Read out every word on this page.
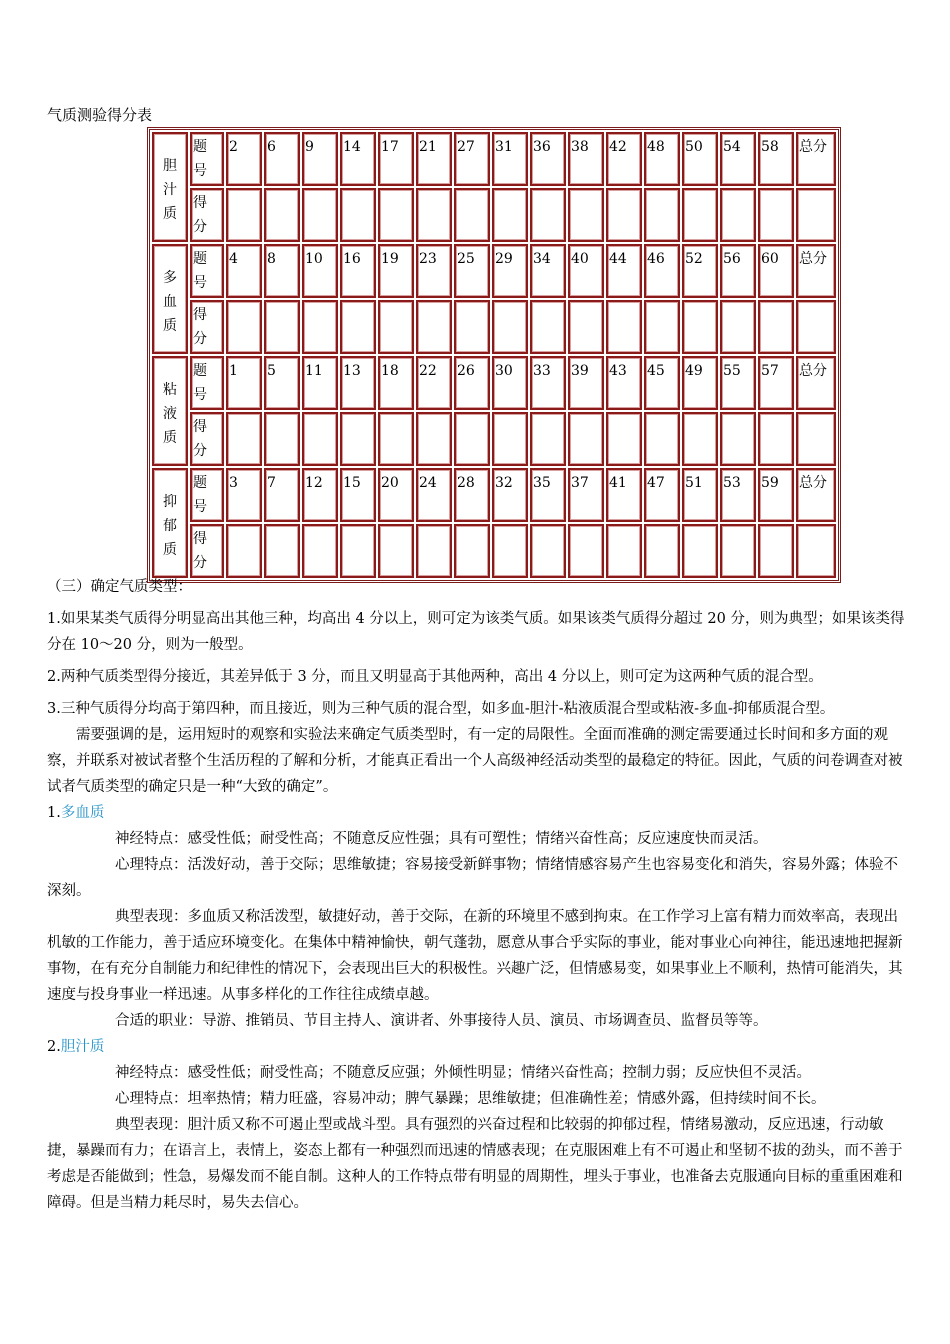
气质测验得分表
胆汁质	题号	2	6	9	14	17	21	27	31	36	38	42	48	50	54	58	总分
	得分																
多血质	题号	4	8	10	16	19	23	25	29	34	40	44	46	52	56	60	总分
	得分																
粘液质	题号	1	5	11	13	18	22	26	30	33	39	43	45	49	55	57	总分
	得分																
抑郁质	题号	3	7	12	15	20	24	28	32	35	37	41	47	51	53	59	总分
	得分																

（三）确定气质类型：

1.如果某类气质得分明显高出其他三种，均高出 4 分以上，则可定为该类气质。如果该类气质得分超过 20 分，则为典型；如果该类得分在 10～20 分，则为一般型。

2.两种气质类型得分接近，其差异低于 3 分，而且又明显高于其他两种，高出 4 分以上，则可定为这两种气质的混合型。

3.三种气质得分均高于第四种，而且接近，则为三种气质的混合型，如多血-胆汁-粘液质混合型或粘液-多血-抑郁质混合型。

需要强调的是，运用短时的观察和实验法来确定气质类型时，有一定的局限性。全面而准确的测定需要通过长时间和多方面的观察，并联系对被试者整个生活历程的了解和分析，才能真正看出一个人高级神经活动类型的最稳定的特征。因此，气质的问卷调查对被试者气质类型的确定只是一种“大致的确定”。

1.多血质

神经特点：感受性低；耐受性高；不随意反应性强；具有可塑性；情绪兴奋性高；反应速度快而灵活。

心理特点：活泼好动，善于交际；思维敏捷；容易接受新鲜事物；情绪情感容易产生也容易变化和消失，容易外露；体验不深刻。

典型表现：多血质又称活泼型，敏捷好动，善于交际，在新的环境里不感到拘束。在工作学习上富有精力而效率高，表现出机敏的工作能力，善于适应环境变化。在集体中精神愉快，朝气蓬勃，愿意从事合乎实际的事业，能对事业心向神往，能迅速地把握新事物，在有充分自制能力和纪律性的情况下，会表现出巨大的积极性。兴趣广泛，但情感易变，如果事业上不顺利，热情可能消失，其速度与投身事业一样迅速。从事多样化的工作往往成绩卓越。

合适的职业：导游、推销员、节目主持人、演讲者、外事接待人员、演员、市场调查员、监督员等等。

2.胆汁质

神经特点：感受性低；耐受性高；不随意反应强；外倾性明显；情绪兴奋性高；控制力弱；反应快但不灵活。

心理特点：坦率热情；精力旺盛，容易冲动；脾气暴躁；思维敏捷；但准确性差；情感外露，但持续时间不长。

典型表现：胆汁质又称不可遏止型或战斗型。具有强烈的兴奋过程和比较弱的抑郁过程，情绪易激动，反应迅速，行动敏捷，暴躁而有力；在语言上，表情上，姿态上都有一种强烈而迅速的情感表现；在克服困难上有不可遏止和坚韧不拔的劲头，而不善于考虑是否能做到；性急，易爆发而不能自制。这种人的工作特点带有明显的周期性，埋头于事业，也准备去克服通向目标的重重困难和障碍。但是当精力耗尽时，易失去信心。
